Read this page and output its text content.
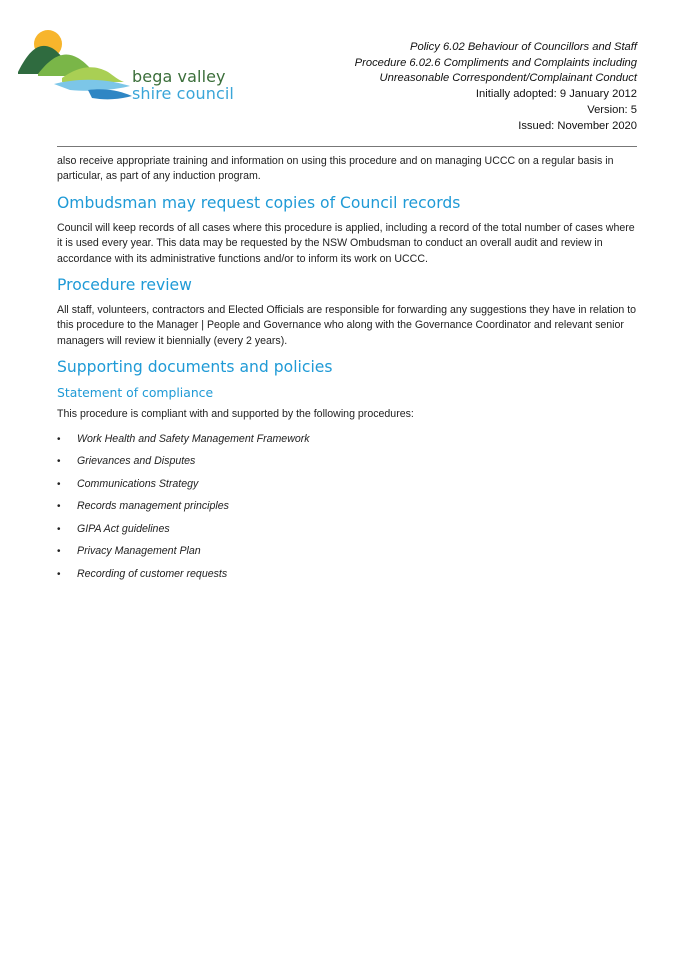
bega valley
shire council
Policy 6.02 Behaviour of Councillors and Staff
Procedure 6.02.6 Compliments and Complaints including
Unreasonable Correspondent/Complainant Conduct
Initially adopted: 9 January 2012
Version: 5
Issued: November 2020

also receive appropriate training and information on using this procedure and on managing UCCC on a regular basis in particular, as part of any induction program.

Ombudsman may request copies of Council records

Council will keep records of all cases where this procedure is applied, including a record of the total number of cases where it is used every year. This data may be requested by the NSW Ombudsman to conduct an overall audit and review in accordance with its administrative functions and/or to inform its work on UCCC.

Procedure review

All staff, volunteers, contractors and Elected Officials are responsible for forwarding any suggestions they have in relation to this procedure to the Manager | People and Governance who along with the Governance Coordinator and relevant senior managers will review it biennially (every 2 years).

Supporting documents and policies
Statement of compliance

This procedure is compliant with and supported by the following procedures:

• Work Health and Safety Management Framework
• Grievances and Disputes
• Communications Strategy
• Records management principles
• GIPA Act guidelines
• Privacy Management Plan
• Recording of customer requests
